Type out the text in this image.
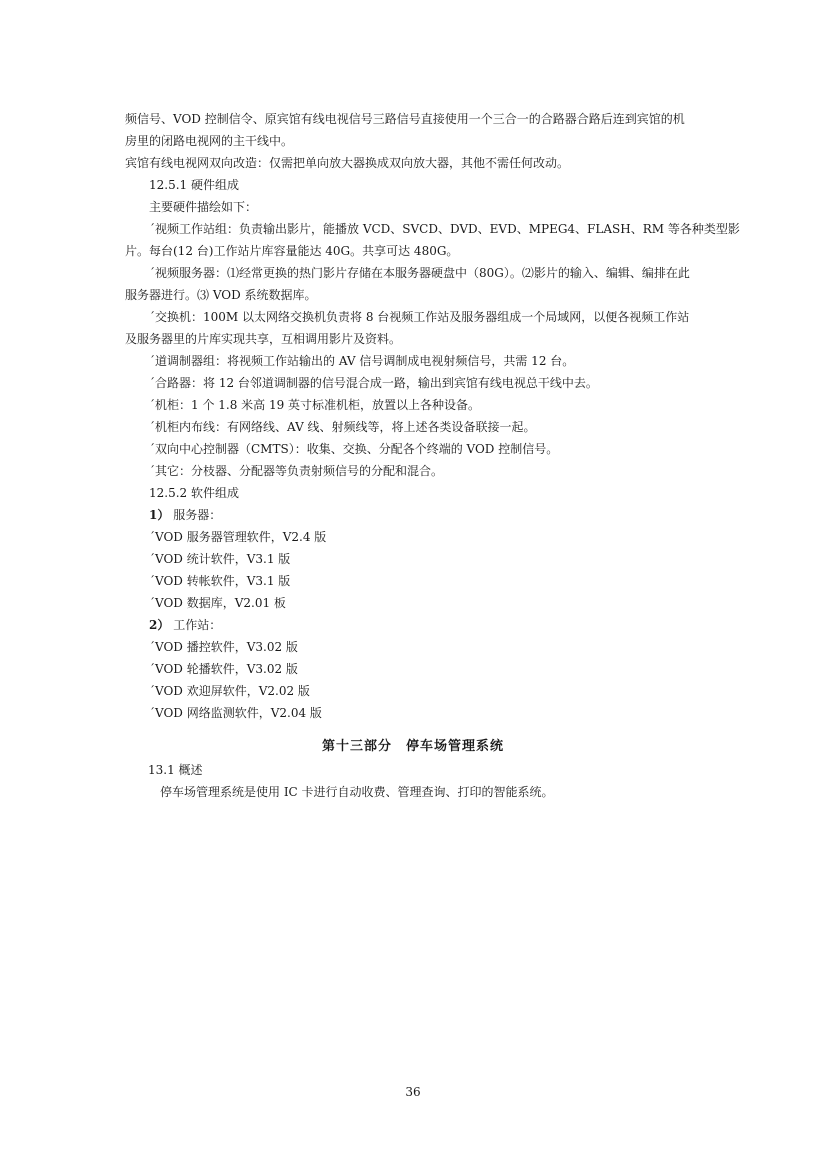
频信号、VOD 控制信令、原宾馆有线电视信号三路信号直接使用一个三合一的合路器合路后连到宾馆的机

房里的闭路电视网的主干线中。

宾馆有线电视网双向改造：仅需把单向放大器换成双向放大器，其他不需任何改动。

12.5.1 硬件组成

主要硬件描绘如下：

´视频工作站组：负责输出影片，能播放 VCD、SVCD、DVD、EVD、MPEG4、FLASH、RM 等各种类型影

片。每台(12 台)工作站片库容量能达 40G。共享可达 480G。

´视频服务器：⑴经常更换的热门影片存储在本服务器硬盘中（80G）。⑵影片的输入、编辑、编排在此

服务器进行。⑶ VOD 系统数据库。

´交换机：100M 以太网络交换机负责将 8 台视频工作站及服务器组成一个局域网，以便各视频工作站

及服务器里的片库实现共享，互相调用影片及资料。

´道调制器组：将视频工作站输出的 AV 信号调制成电视射频信号，共需 12 台。

´合路器：将 12 台邻道调制器的信号混合成一路，输出到宾馆有线电视总干线中去。

´机柜：1 个 1.8 米高 19 英寸标准机柜，放置以上各种设备。

´机柜内布线：有网络线、AV 线、射频线等，将上述各类设备联接一起。

´双向中心控制器（CMTS）：收集、交换、分配各个终端的 VOD 控制信号。

´其它：分枝器、分配器等负责射频信号的分配和混合。

12.5.2 软件组成

1） 服务器：

´VOD 服务器管理软件，V2.4 版

´VOD 统计软件，V3.1 版

´VOD 转帐软件，V3.1 版

´VOD 数据库，V2.01 板

2） 工作站：

´VOD 播控软件，V3.02 版

´VOD 轮播软件，V3.02 版

´VOD 欢迎屏软件，V2.02 版

´VOD 网络监测软件，V2.04 版

第十三部分　停车场管理系统

13.1 概述

停车场管理系统是使用 IC 卡进行自动收费、管理查询、打印的智能系统。

36
